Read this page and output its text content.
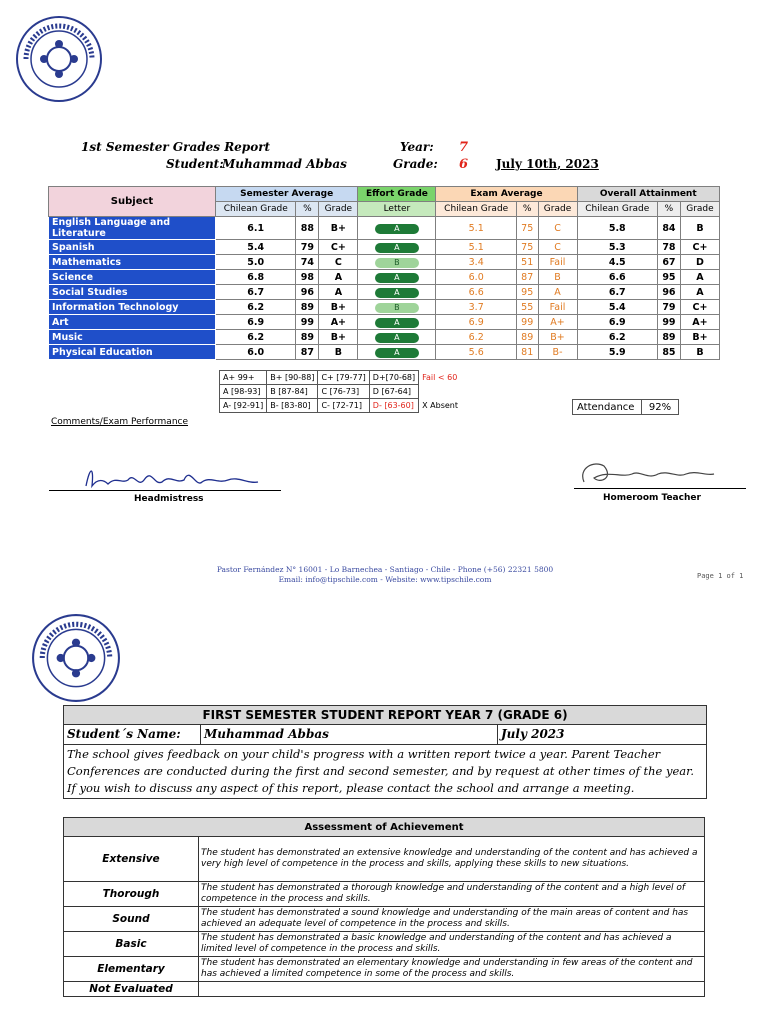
1st Semester Grades Report
Student:
Muhammad Abbas
Year: 7
Grade: 6 July 10th, 2023
Subject	Semester Average			Effort Grade	Exam Average			Overall Attainment		
	Chilean Grade	%	Grade	Letter	Chilean Grade	%	Grade	Chilean Grade	%	Grade
English Language and Literature	6.1	88	B+	A	5.1	75	C	5.8	84	B
Spanish	5.4	79	C+	A	5.1	75	C	5.3	78	C+
Mathematics	5.0	74	C	B	3.4	51	Fail	4.5	67	D
Science	6.8	98	A	A	6.0	87	B	6.6	95	A
Social Studies	6.7	96	A	A	6.6	95	A	6.7	96	A
Information Technology	6.2	89	B+	B	3.7	55	Fail	5.4	79	C+
Art	6.9	99	A+	A	6.9	99	A+	6.9	99	A+
Music	6.2	89	B+	A	6.2	89	B+	6.2	89	B+
Physical Education	6.0	87	B	A	5.6	81	B-	5.9	85	B
A+ 99+	B+ [90-88]	C+ [79-77]	D+[70-68]	Fail < 60
A [98-93]	B [87-84]	C [76-73]	D [67-64]	
A- [92-91]	B- [83-80]	C- [72-71]	D- [63-60]	X Absent	Attendance	92%
Comments/Exam Performance
Headmistress	Homeroom Teacher
Pastor Fernández N° 16001 - Lo Barnechea - Santiago - Chile - Phone (+56) 22321 5800
Email: info@tipschile.com - Website: www.tipschile.com	Page 1 of 1
FIRST SEMESTER STUDENT REPORT YEAR 7 (GRADE 6)
Student´s Name:	Muhammad Abbas	July 2023
The school gives feedback on your child's progress with a written report twice a year. Parent Teacher Conferences are conducted during the first and second semester, and by request at other times of the year. If you wish to discuss any aspect of this report, please contact the school and arrange a meeting.
Assessment of Achievement	
Extensive	The student has demonstrated an extensive knowledge and understanding of the content and has achieved a very high level of competence in the process and skills, applying these skills to new situations.
Thorough	The student has demonstrated a thorough knowledge and understanding of the content and a high level of competence in the process and skills.
Sound	The student has demonstrated a sound knowledge and understanding of the main areas of content and has achieved an adequate level of competence in the process and skills.
Basic	The student has demonstrated a basic knowledge and understanding of the content and has achieved a limited level of competence in the process and skills.
Elementary	The student has demonstrated an elementary knowledge and understanding in few areas of the content and has achieved a limited competence in some of the process and skills.
Not Evaluated	
